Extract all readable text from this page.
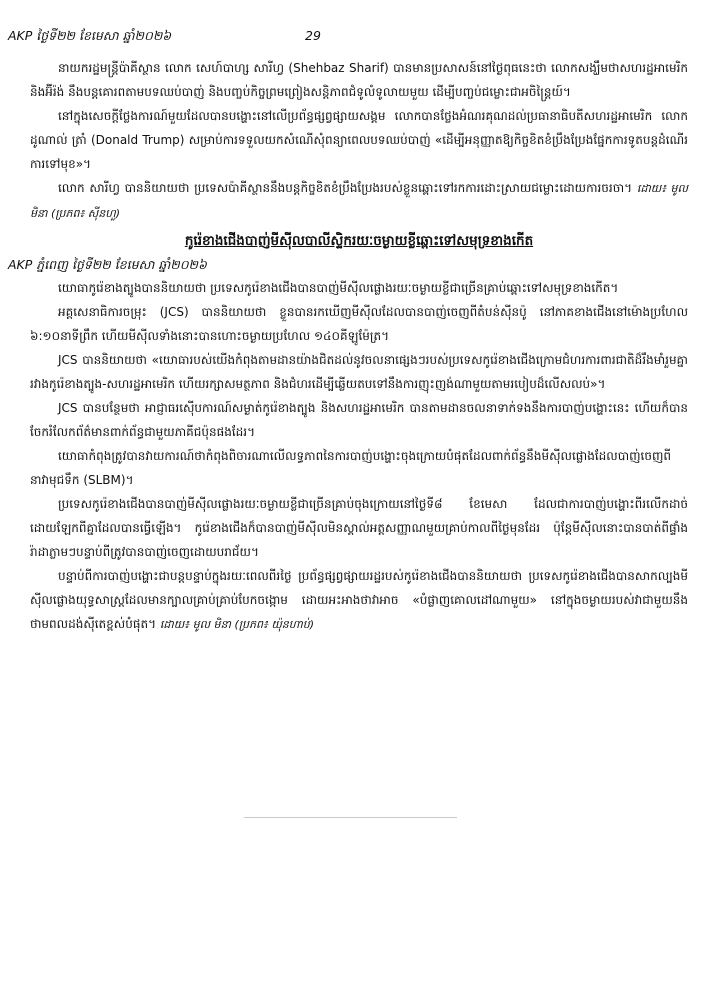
AKP ថ្ងៃទី២២ ខែមេសា ឆ្នាំ២០២៦	29

នាយករដ្ឋមន្ត្រីប៉ាគីស្ថាន លោក សេហ៍បាហ្ស សារីហ្វ (Shehbaz Sharif) បានមានប្រសាសន៍នៅថ្ងៃពុធនេះថា លោកសង្ឃឹមថាសហរដ្ឋអាមេរិក និងអ៊ីរ៉ង់ នឹងបន្តគោរពតាមបទឈប់បាញ់ និងបញ្ចប់កិច្ចព្រមព្រៀងសន្តិភាពជំទូលំទូលាយមួយ ដើម្បីបញ្ចប់ជម្លោះជាអចិន្ត្រៃយ៍។

នៅក្នុងសេចក្តីថ្លែងការណ៍មួយដែលបានបង្ហោះនៅលើប្រព័ន្ធផ្សព្វផ្សាយសង្គម លោកបានថ្លែងអំណរគុណដល់ប្រធានាធិបតីសហរដ្ឋអាមេរិក លោក ដូណាល់ ត្រាំ (Donald Trump) សម្រាប់ការទទួលយកសំណើសុំពន្យាពេលបទឈប់បាញ់ «ដើម្បីអនុញ្ញាតឱ្យកិច្ចខិតខំប្រឹងប្រែងផ្នែកការទូតបន្តដំណើរការទៅមុខ»។

លោក សារីហ្វ បាននិយាយថា ប្រទេសប៉ាគីស្ថាននឹងបន្តកិច្ចខិតខំប្រឹងប្រែងរបស់ខ្លួនឆ្ពោះទៅរកការដោះស្រាយជម្លោះដោយការចរចា។ ដោយ៖ មូល មិនា (ប្រភព៖ ស៊ីនហួ)

កូរ៉េខាងជើងបាញ់មីស៊ីលបាលីស្ទិករយៈចម្ងាយខ្លីឆ្ពោះទៅសមុទ្រខាងកើត
AKP ភ្នំពេញ ថ្ងៃទី២២ ខែមេសា ឆ្នាំ២០២៦

យោធាកូរ៉េខាងត្បូងបាននិយាយថា ប្រទេសកូរ៉េខាងជើងបានបាញ់មីស៊ីលផ្លោងរយៈចម្ងាយខ្លីជាច្រើនគ្រាប់ឆ្ពោះទៅសមុទ្រខាងកើត។

អគ្គសេនាធិការចម្រុះ (JCS) បាននិយាយថា ខ្លួនបានរកឃើញមីស៊ីលដែលបានបាញ់ចេញពីតំបន់ស៊ីនប៉ូ នៅភាគខាងជើងនៅម៉ោងប្រហែល ៦:១០នាទីព្រឹក ហើយមីស៊ីលទាំងនោះបានហោះចម្ងាយប្រហែល ១៤០គីឡូម៉ែត្រ។

JCS បាននិយាយថា «យោធារបស់យើងកំពុងតាមដានយ៉ាងជិតដល់នូវចលនាផ្សេងៗរបស់ប្រទេសកូរ៉េខាងជើងក្រោមជំហរការពារជាតិដ៏រឹងមាំរួមគ្នារវាងកូរ៉េខាងត្បូង-សហរដ្ឋអាមេរិក ហើយរក្សាសមត្ថភាព និងជំហរដើម្បីឆ្លើយតបទៅនឹងការញុះញង់ណាមួយតាមរបៀបដ៏លើសលប់»។

JCS បានបន្ថែមថា អាជ្ញាធរស៊ើបការណ៍សម្ងាត់កូរ៉េខាងត្បូង និងសហរដ្ឋអាមេរិក បានតាមដានចលនាទាក់ទងនឹងការបាញ់បង្ហោះនេះ ហើយក៏បានចែករំលែកព័ត៌មានពាក់ព័ន្ធជាមួយភាគីជប៉ុនផងដែរ។

យោធាកំពុងត្រូវបានវាយការណ៍ថាកំពុងពិចារណាលើលទ្ធភាពនៃការបាញ់បង្ហោះចុងក្រោយបំផុតដែលពាក់ព័ន្ធនឹងមីស៊ីលផ្លោងដែលបាញ់ចេញពីនាវាមុជទឹក (SLBM)។

ប្រទេសកូរ៉េខាងជើងបានបាញ់មីស៊ីលផ្លោងរយៈចម្ងាយខ្លីជាច្រើនគ្រាប់ចុងក្រោយនៅថ្ងៃទី៨ ខែមេសា ដែលជាការបាញ់បង្ហោះពីរលើកដាច់ដោយឡែកពីគ្នាដែលបានធ្វើឡើង។ កូរ៉េខាងជើងក៏បានបាញ់មីស៊ីលមិនស្គាល់អត្តសញ្ញាណមួយគ្រាប់កាលពីថ្ងៃមុនដែរ ប៉ុន្តែមីស៊ីលនោះបានបាត់ពីផ្ទាំងរ៉ាដាភ្លាមៗបន្ទាប់ពីត្រូវបានបាញ់ចេញដោយបរាជ័យ។

បន្ទាប់ពីការបាញ់បង្ហោះជាបន្តបន្ទាប់ក្នុងរយៈពេលពីរថ្ងៃ ប្រព័ន្ធផ្សព្វផ្សាយរដ្ឋរបស់កូរ៉េខាងជើងបាននិយាយថា ប្រទេសកូរ៉េខាងជើងបានសាកល្បងមីស៊ីលផ្លោងយុទ្ធសាស្ត្រដែលមានក្បាលគ្រាប់គ្រាប់បែកចង្កោម ដោយអះអាងថាវាអាច «បំផ្លាញគោលដៅណាមួយ» នៅក្នុងចម្ងាយរបស់វាជាមួយនឹងថាមពលដង់ស៊ីតេខ្ពស់បំផុត។ ដោយ៖ មូល មិនា (ប្រភព៖ យ៉ុនហាប់)
